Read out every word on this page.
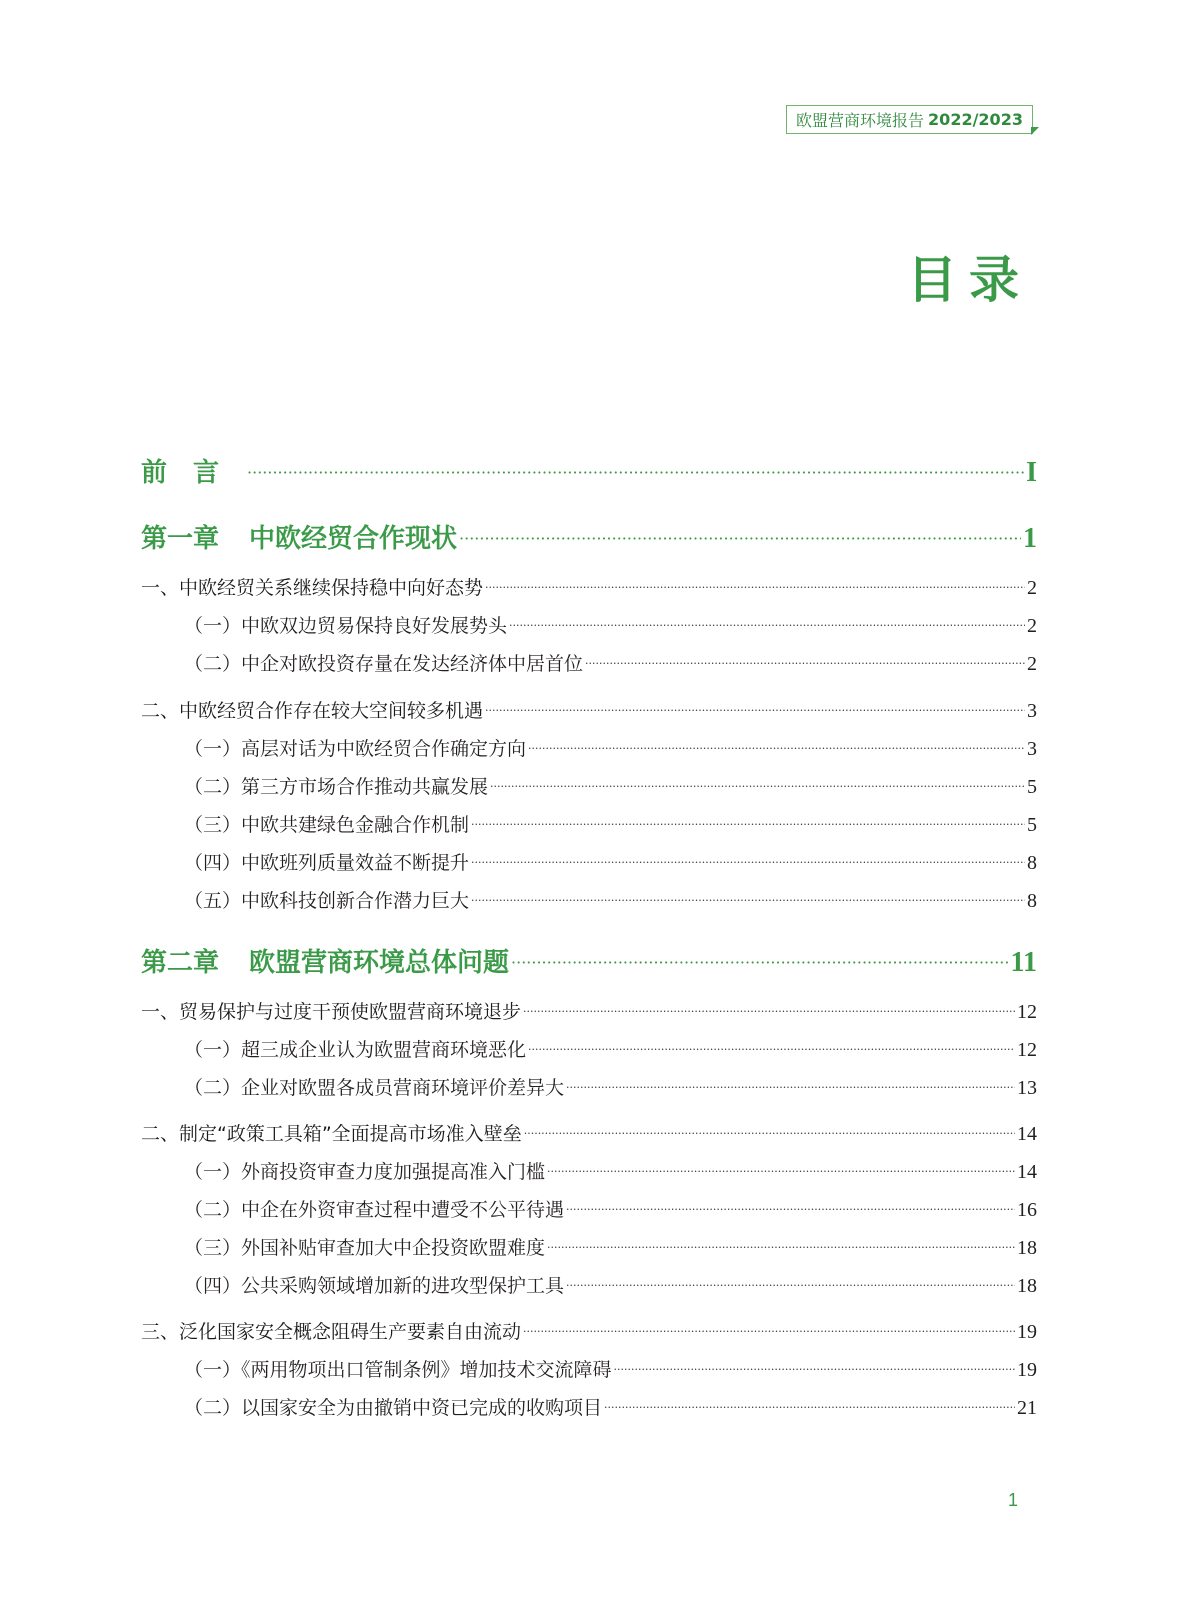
欧盟营商环境报告 2022/2023
目录
前言 ·····	I
第一章 中欧经贸合作现状 ·····	1
一、中欧经贸关系继续保持稳中向好态势 ·····	2
（一）中欧双边贸易保持良好发展势头 ·····	2
（二）中企对欧投资存量在发达经济体中居首位 ·····	2
二、中欧经贸合作存在较大空间较多机遇 ·····	3
（一）高层对话为中欧经贸合作确定方向 ·····	3
（二）第三方市场合作推动共赢发展 ·····	5
（三）中欧共建绿色金融合作机制 ·····	5
（四）中欧班列质量效益不断提升 ·····	8
（五）中欧科技创新合作潜力巨大 ·····	8
第二章 欧盟营商环境总体问题 ·····	11
一、贸易保护与过度干预使欧盟营商环境退步 ·····	12
（一）超三成企业认为欧盟营商环境恶化 ·····	12
（二）企业对欧盟各成员营商环境评价差异大 ·····	13
二、制定“政策工具箱”全面提高市场准入壁垒 ·····	14
（一）外商投资审查力度加强提高准入门槛 ·····	14
（二）中企在外资审查过程中遭受不公平待遇 ·····	16
（三）外国补贴审查加大中企投资欧盟难度 ·····	18
（四）公共采购领域增加新的进攻型保护工具 ·····	18
三、泛化国家安全概念阻碍生产要素自由流动 ·····	19
（一）《两用物项出口管制条例》增加技术交流障碍 ·····	19
（二）以国家安全为由撤销中资已完成的收购项目 ·····	21
1
